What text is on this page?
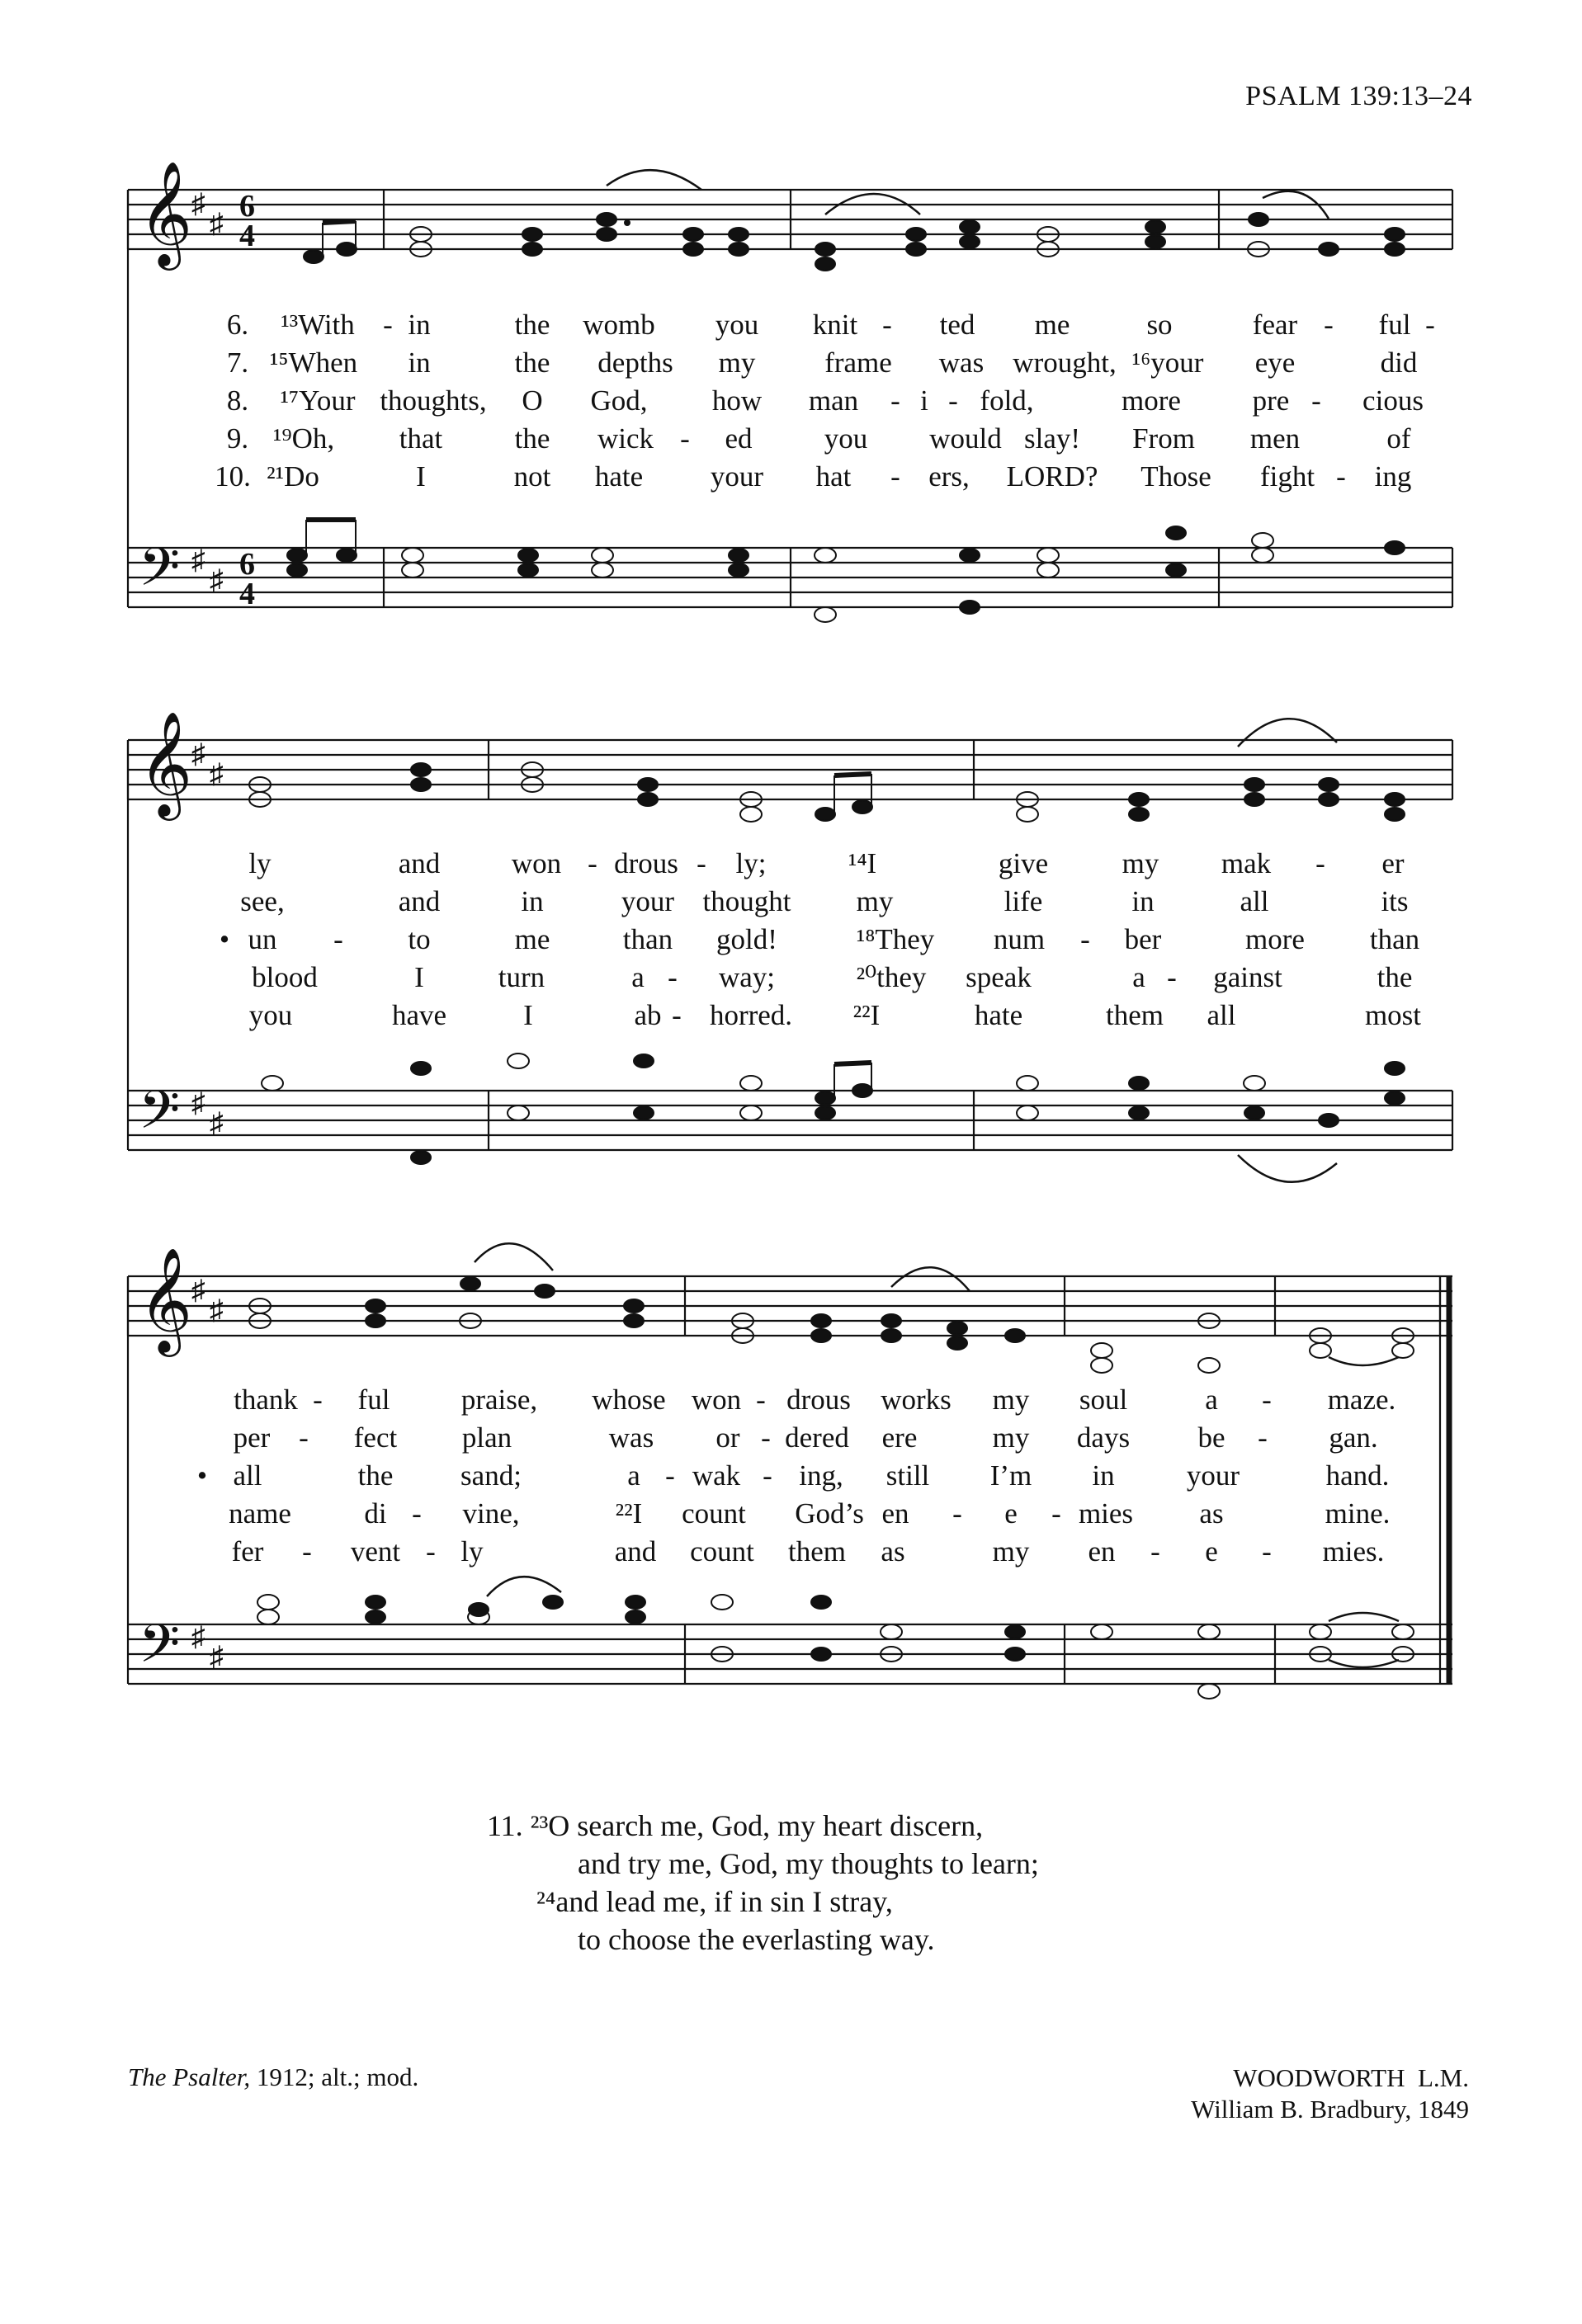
PSALM 139:13–24
𝄞
♯
♯
6
4
6. ¹³With - in	the womb you knit - ted me	so	fear - ful -
7. ¹⁵When in	the depths my frame was wrought, ¹⁶your eye	did
8. ¹⁷Your thoughts, O God, how man - i - fold,	more pre - cious
9. ¹⁹Oh, that the wick - ed you would slay! From men	of
10. ²¹Do	I	not hate your hat - ers, LORD? Those fight - ing
𝄢 ♯
♯ 6
4
𝄞
♯
♯
ly	and won - drous - ly;	¹⁴I	give	my mak - er
see,	and	in	your thought my	life	in	all	its
• un - to	me	than gold!	¹⁸They num - ber	more than
blood	I	turn	a - way;	²⁰they speak	a - gainst	the
you	have	I	ab - horred. ²²I	hate	them all	most
𝄢 ♯
♯
𝄞
♯
♯
thank - ful praise, whose won - drous works my soul	a - maze.
per - fect plan	was or - dered ere	my days be - gan.
• all	the sand;	a - wak - ing, still I’m in your	hand.
name	di - vine,	²²I count God’s en - e - mies as	mine.
fer - vent - ly	and count them as	my en - e - mies.
𝄢 ♯
♯
11. ²³O search me, God, my heart discern,
and try me, God, my thoughts to learn;
²⁴and lead me, if in sin I stray,
to choose the everlasting way.
The Psalter, 1912; alt.; mod.	WOODWORTH  L.M.
William B. Bradbury, 1849
